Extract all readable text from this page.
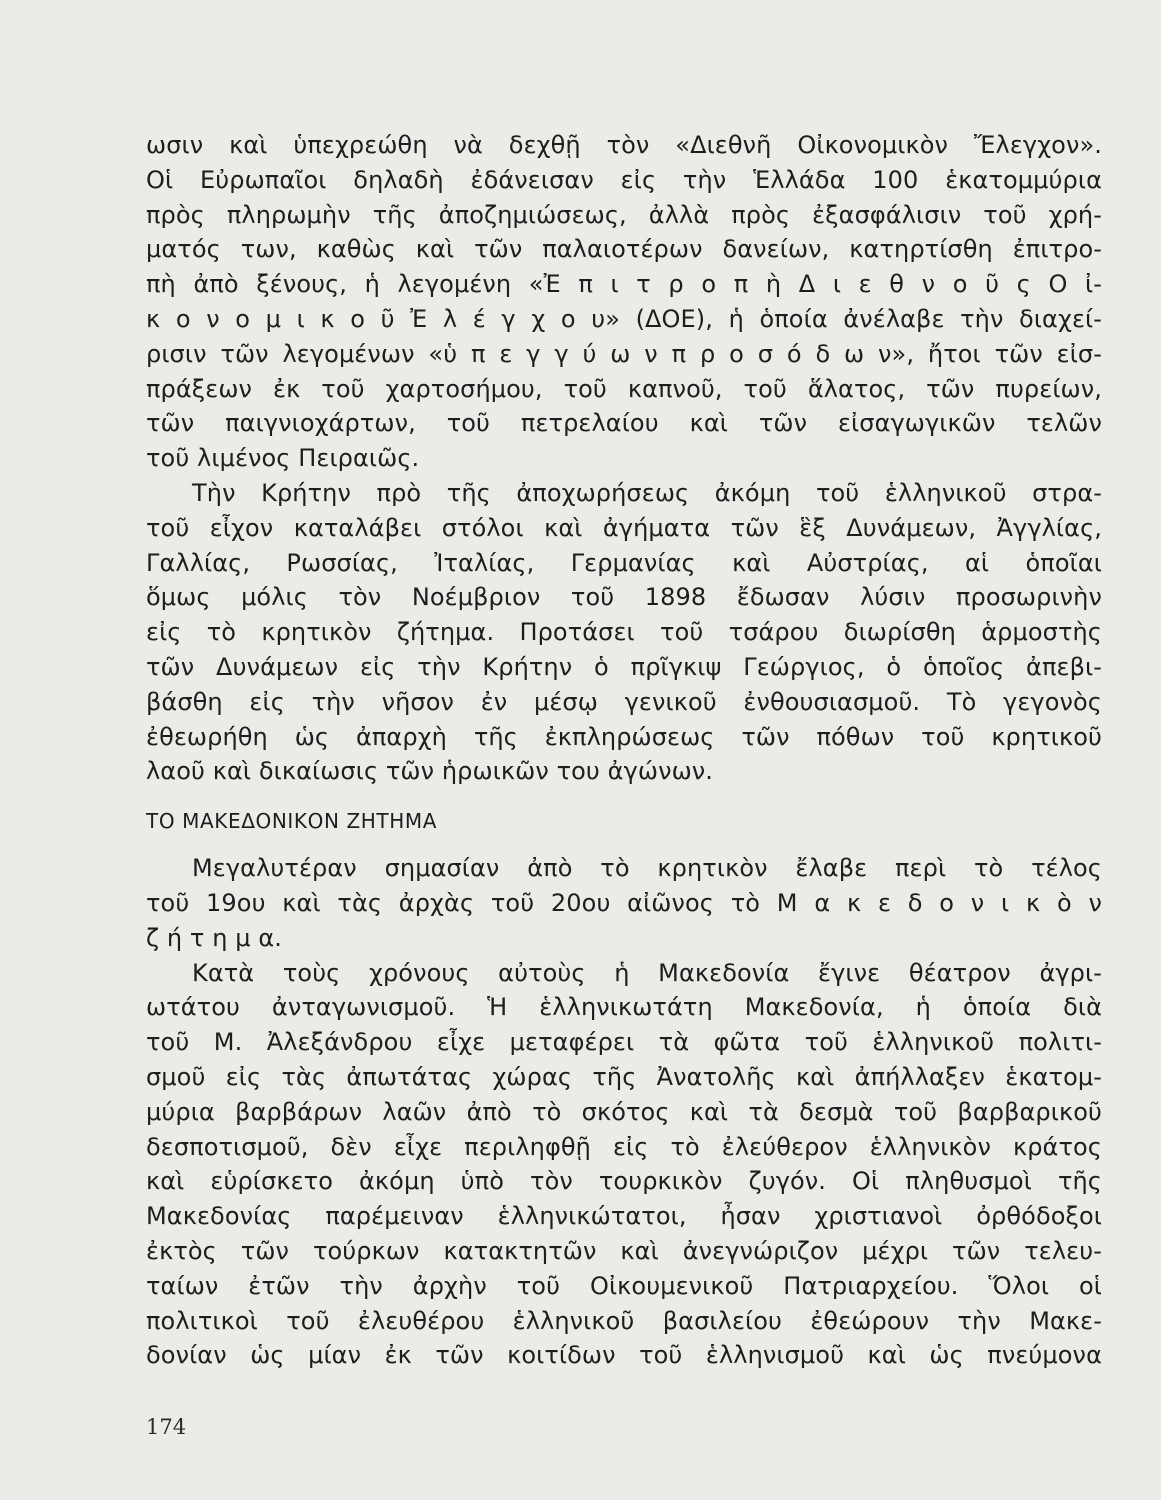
ωσιν καὶ ὑπεχρεώθη νὰ δεχθῇ τὸν «Διεθνῆ Οἰκονομικὸν Ἔλεγχον».
Οἱ Εὐρωπαῖοι δηλαδὴ ἐδάνεισαν εἰς τὴν Ἑλλάδα 100 ἑκατομμύρια
πρὸς πληρωμὴν τῆς ἀποζημιώσεως, ἀλλὰ πρὸς ἐξασφάλισιν τοῦ χρή-
ματός των, καθὼς καὶ τῶν παλαιοτέρων δανείων, κατηρτίσθη ἐπιτρο-
πὴ ἀπὸ ξένους, ἡ λεγομένη «Ἐ π ι τ ρ ο π ὴ Δ ι ε θ ν ο ῦ ς Ο ἰ-
κ ο ν ο μ ι κ ο ῦ Ἐ λ έ γ χ ο υ» (ΔΟΕ), ἡ ὁποία ἀνέλαβε τὴν διαχεί-
ρισιν τῶν λεγομένων «ὑ π ε γ γ ύ ω ν π ρ ο σ ό δ ω ν», ἤτοι τῶν εἰσ-
πράξεων ἐκ τοῦ χαρτοσήμου, τοῦ καπνοῦ, τοῦ ἅλατος, τῶν πυρείων,
τῶν παιγνιοχάρτων, τοῦ πετρελαίου καὶ τῶν εἰσαγωγικῶν τελῶν
τοῦ λιμένος Πειραιῶς.
Τὴν Κρήτην πρὸ τῆς ἀποχωρήσεως ἀκόμη τοῦ ἑλληνικοῦ στρα-
τοῦ εἶχον καταλάβει στόλοι καὶ ἀγήματα τῶν ἓξ Δυνάμεων, Ἀγγλίας,
Γαλλίας, Ρωσσίας, Ἰταλίας, Γερμανίας καὶ Αὐστρίας, αἱ ὁποῖαι
ὅμως μόλις τὸν Νοέμβριον τοῦ 1898 ἔδωσαν λύσιν προσωρινὴν
εἰς τὸ κρητικὸν ζήτημα. Προτάσει τοῦ τσάρου διωρίσθη ἁρμοστὴς
τῶν Δυνάμεων εἰς τὴν Κρήτην ὁ πρῖγκιψ Γεώργιος, ὁ ὁποῖος ἀπεβι-
βάσθη εἰς τὴν νῆσον ἐν μέσῳ γενικοῦ ἐνθουσιασμοῦ. Τὸ γεγονὸς
ἐθεωρήθη ὡς ἀπαρχὴ τῆς ἐκπληρώσεως τῶν πόθων τοῦ κρητικοῦ
λαοῦ καὶ δικαίωσις τῶν ἡρωικῶν του ἀγώνων.
ΤΟ ΜΑΚΕΔΟΝΙΚΟΝ ΖΗΤΗΜΑ
Μεγαλυτέραν σημασίαν ἀπὸ τὸ κρητικὸν ἔλαβε περὶ τὸ τέλος
τοῦ 19ου καὶ τὰς ἀρχὰς τοῦ 20ου αἰῶνος τὸ Μ α κ ε δ ο ν ι κ ὸ ν
ζ ή τ η μ α.
Κατὰ τοὺς χρόνους αὐτοὺς ἡ Μακεδονία ἔγινε θέατρον ἀγρι-
ωτάτου ἀνταγωνισμοῦ. Ἡ ἑλληνικωτάτη Μακεδονία, ἡ ὁποία διὰ
τοῦ Μ. Ἀλεξάνδρου εἶχε μεταφέρει τὰ φῶτα τοῦ ἑλληνικοῦ πολιτι-
σμοῦ εἰς τὰς ἀπωτάτας χώρας τῆς Ἀνατολῆς καὶ ἀπήλλαξεν ἑκατομ-
μύρια βαρβάρων λαῶν ἀπὸ τὸ σκότος καὶ τὰ δεσμὰ τοῦ βαρβαρικοῦ
δεσποτισμοῦ, δὲν εἶχε περιληφθῇ εἰς τὸ ἐλεύθερον ἑλληνικὸν κράτος
καὶ εὑρίσκετο ἀκόμη ὑπὸ τὸν τουρκικὸν ζυγόν. Οἱ πληθυσμοὶ τῆς
Μακεδονίας παρέμειναν ἑλληνικώτατοι, ἦσαν χριστιανοὶ ὀρθόδοξοι
ἐκτὸς τῶν τούρκων κατακτητῶν καὶ ἀνεγνώριζον μέχρι τῶν τελευ-
ταίων ἐτῶν τὴν ἀρχὴν τοῦ Οἰκουμενικοῦ Πατριαρχείου. Ὅλοι οἱ
πολιτικοὶ τοῦ ἐλευθέρου ἑλληνικοῦ βασιλείου ἐθεώρουν τὴν Μακε-
δονίαν ὡς μίαν ἐκ τῶν κοιτίδων τοῦ ἑλληνισμοῦ καὶ ὡς πνεύμονα
174
